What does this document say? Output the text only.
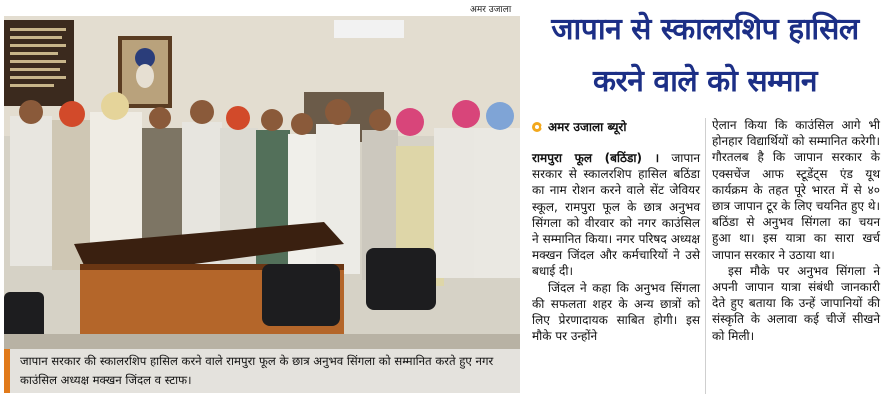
अमर उजाला
जापान सरकार की स्कालरशिप हासिल करने वाले रामपुरा फूल के छात्र अनुभव सिंगला को सम्मानित करते हुए नगर काउंसिल अध्यक्ष मक्खन जिंदल व स्टाफ।
जापान से स्कालरशिप हासिल
करने वाले को सम्मान
अमर उजाला ब्यूरो

रामपुरा फूल (बठिंडा) । जापान सरकार से स्कालरशिप हासिल बठिंडा का नाम रोशन करने वाले सेंट जेवियर स्कूल, रामपुरा फूल के छात्र अनुभव सिंगला को वीरवार को नगर काउंसिल ने सम्मानित किया। नगर परिषद अध्यक्ष मक्खन जिंदल और कर्मचारियों ने उसे बधाई दी।

जिंदल ने कहा कि अनुभव सिंगला की सफलता शहर के अन्य छात्रों को लिए प्रेरणादायक साबित होगी। इस मौके पर उन्होंने

ऐलान किया कि काउंसिल आगे भी होनहार विद्यार्थियों को सम्मानित करेगी। गौरतलब है कि जापान सरकार के एक्सचेंज आफ स्टूडेंट्स एंड यूथ कार्यक्रम के तहत पूरे भारत में से ४० छात्र जापान टूर के लिए चयनित हुए थे। बठिंडा से अनुभव सिंगला का चयन हुआ था। इस यात्रा का सारा खर्च जापान सरकार ने उठाया था।

इस मौके पर अनुभव सिंगला ने अपनी जापान यात्रा संबंधी जानकारी देते हुए बताया कि उन्हें जापानियों की संस्कृति के अलावा कई चीजें सीखने को मिली।
